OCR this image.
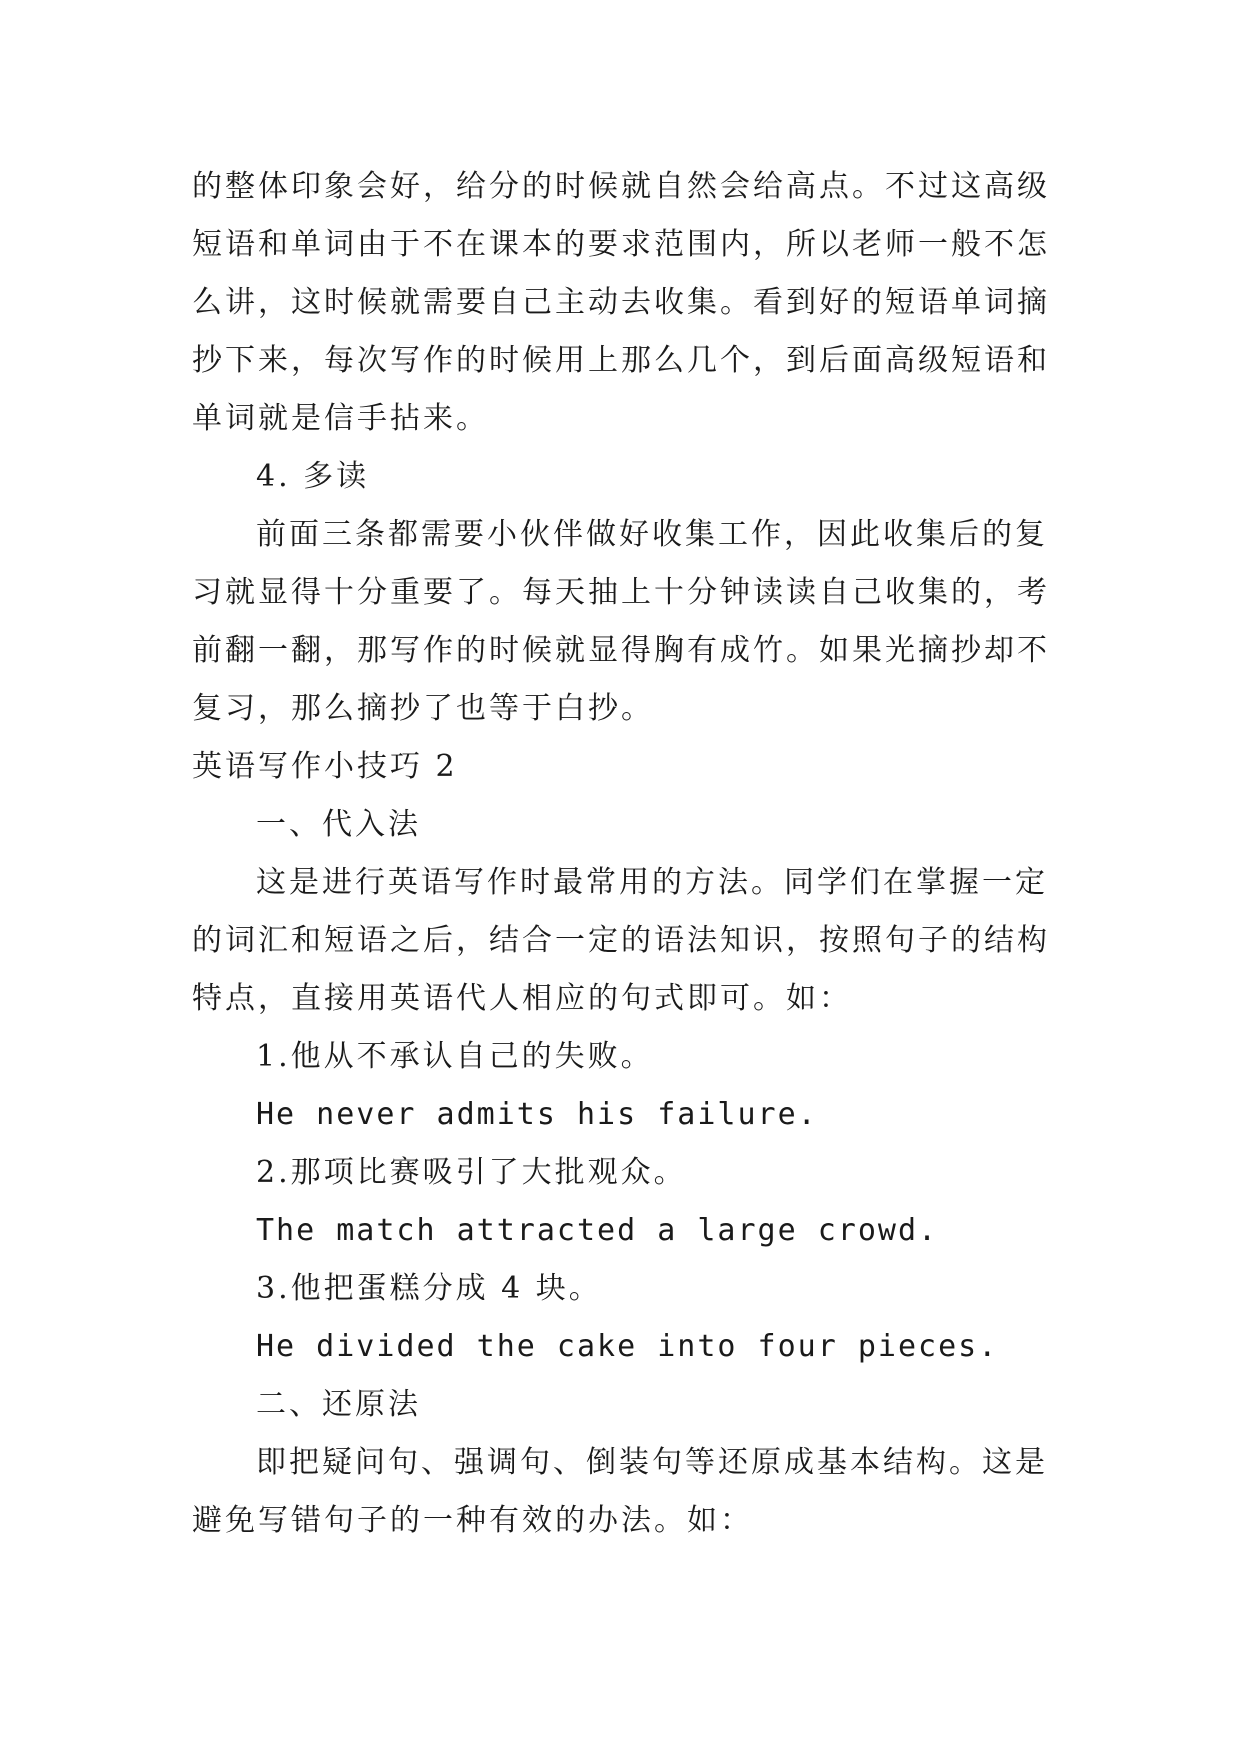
的整体印象会好，给分的时候就自然会给高点。不过这高级
短语和单词由于不在课本的要求范围内，所以老师一般不怎
么讲，这时候就需要自己主动去收集。看到好的短语单词摘
抄下来，每次写作的时候用上那么几个，到后面高级短语和
单词就是信手拈来。
4. 多读
前面三条都需要小伙伴做好收集工作，因此收集后的复
习就显得十分重要了。每天抽上十分钟读读自己收集的，考
前翻一翻，那写作的时候就显得胸有成竹。如果光摘抄却不
复习，那么摘抄了也等于白抄。
英语写作小技巧 2
一、代入法
这是进行英语写作时最常用的方法。同学们在掌握一定
的词汇和短语之后，结合一定的语法知识，按照句子的结构
特点，直接用英语代人相应的句式即可。如：
1.他从不承认自己的失败。
He never admits his failure.
2.那项比赛吸引了大批观众。
The match attracted a large crowd.
3.他把蛋糕分成 4 块。
He divided the cake into four pieces.
二、还原法
即把疑问句、强调句、倒装句等还原成基本结构。这是
避免写错句子的一种有效的办法。如：
